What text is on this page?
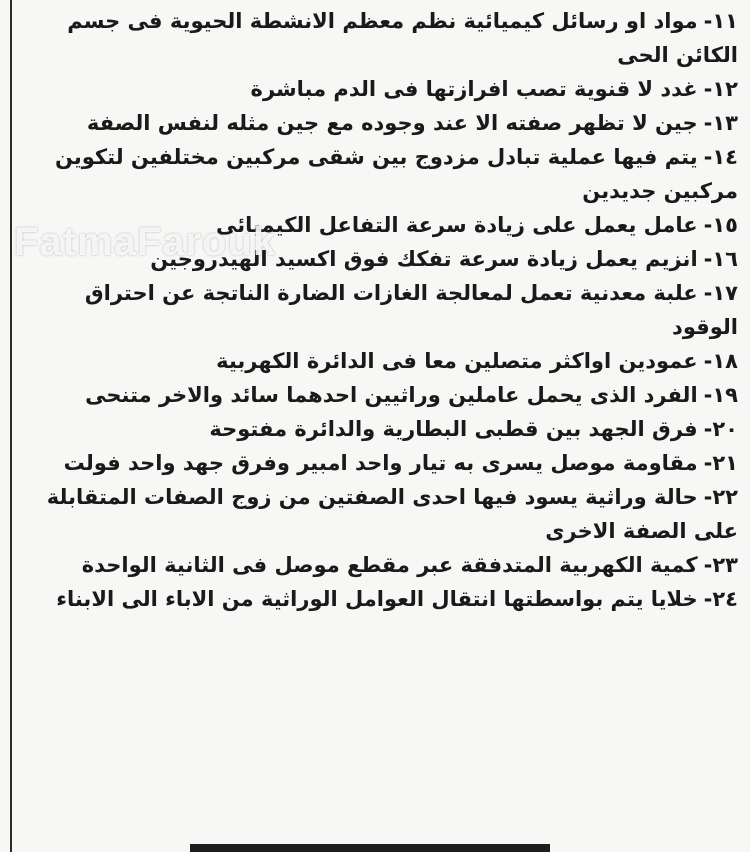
١١-مواد او رسائل كيميائية نظم معظم الانشطة الحيوية فى جسم الكائن الحى

١٢-غدد لا قنوية تصب افرازتها فى الدم مباشرة

١٣-جين لا تظهر صفته الا عند وجوده مع جين مثله لنفس الصفة

١٤-يتم فيها عملية تبادل مزدوج بين شقى مركبين مختلفين لتكوين مركبين جديدين

١٥-عامل يعمل على زيادة سرعة التفاعل الكيميائى

١٦-انزيم يعمل زيادة سرعة تفكك فوق اكسيد الهيدروجين

١٧-علبة معدنية تعمل لمعالجة الغازات الضارة الناتجة عن احتراق الوقود

١٨-عمودين اواكثر متصلين معا فى الدائرة الكهربية

١٩-الفرد الذى يحمل عاملين وراثيين احدهما سائد والاخر متنحى

٢٠-فرق الجهد بين قطبى البطارية والدائرة مفتوحة

٢١-مقاومة موصل يسرى به تيار واحد امبير وفرق جهد واحد فولت

٢٢-حالة وراثية يسود فيها احدى الصفتين من زوج الصفات المتقابلة على الصفة الاخرى

٢٣-كمية الكهربية المتدفقة عبر مقطع موصل فى الثانية الواحدة

٢٤-خلايا يتم بواسطتها انتقال العوامل الوراثية من الاباء الى الابناء

FatmaFarouk
